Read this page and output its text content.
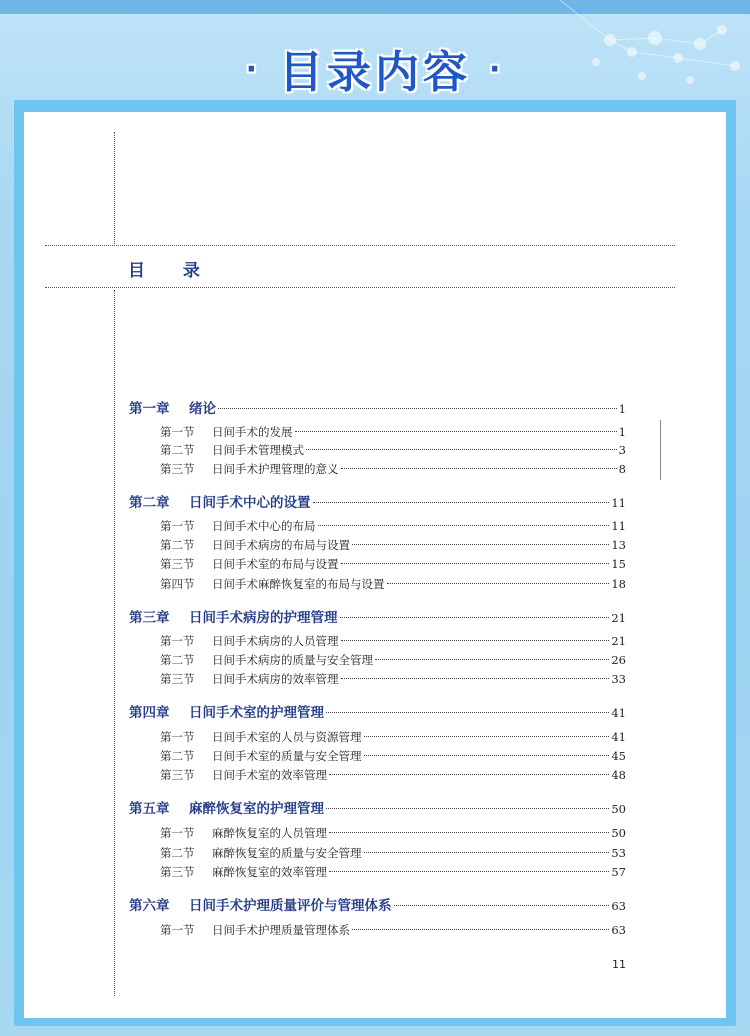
· 目录内容 ·
目 录
第一章	绪论	1
第一节	日间手术的发展	1
第二节	日间手术管理模式	3
第三节	日间手术护理管理的意义	8
第二章	日间手术中心的设置	11
第一节	日间手术中心的布局	11
第二节	日间手术病房的布局与设置	13
第三节	日间手术室的布局与设置	15
第四节	日间手术麻醉恢复室的布局与设置	18
第三章	日间手术病房的护理管理	21
第一节	日间手术病房的人员管理	21
第二节	日间手术病房的质量与安全管理	26
第三节	日间手术病房的效率管理	33
第四章	日间手术室的护理管理	41
第一节	日间手术室的人员与资源管理	41
第二节	日间手术室的质量与安全管理	45
第三节	日间手术室的效率管理	48
第五章	麻醉恢复室的护理管理	50
第一节	麻醉恢复室的人员管理	50
第二节	麻醉恢复室的质量与安全管理	53
第三节	麻醉恢复室的效率管理	57
第六章	日间手术护理质量评价与管理体系	63
第一节	日间手术护理质量管理体系	63
11
